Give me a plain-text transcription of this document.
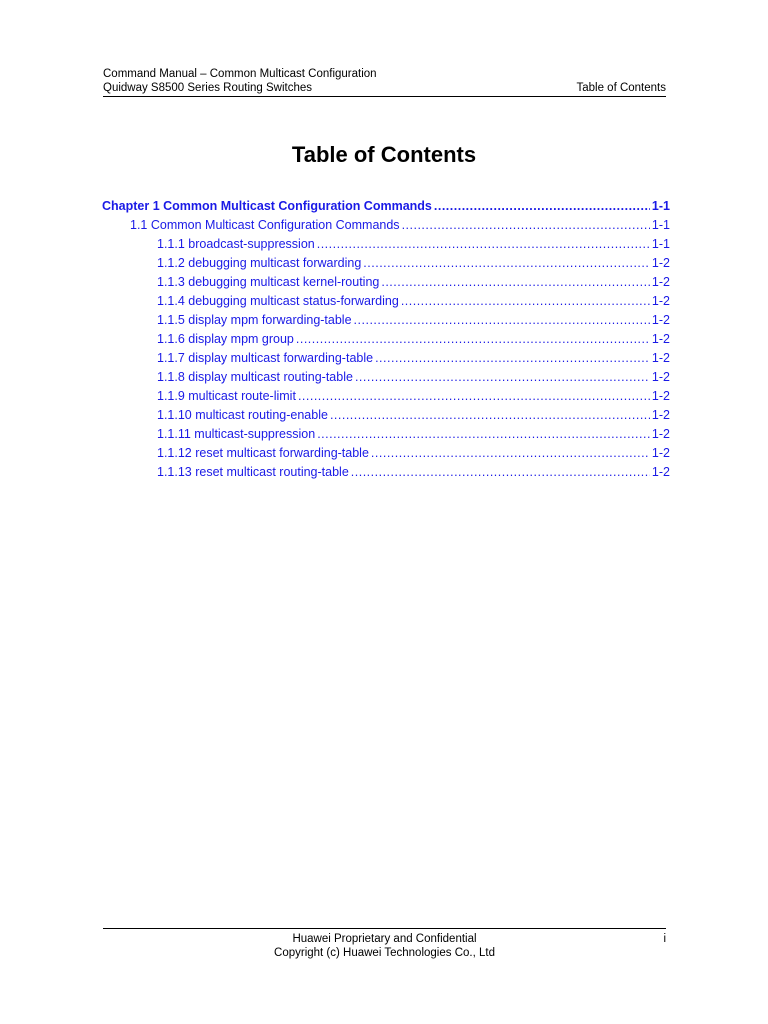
Command Manual – Common Multicast Configuration
Quidway S8500 Series Routing Switches	Table of Contents
Table of Contents
Chapter 1 Common Multicast Configuration Commands .....	1-1
1.1 Common Multicast Configuration Commands .....	1-1
1.1.1 broadcast-suppression .....	1-1
1.1.2 debugging multicast forwarding .....	1-2
1.1.3 debugging multicast kernel-routing .....	1-2
1.1.4 debugging multicast status-forwarding .....	1-2
1.1.5 display mpm forwarding-table .....	1-2
1.1.6 display mpm group .....	1-2
1.1.7 display multicast forwarding-table .....	1-2
1.1.8 display multicast routing-table .....	1-2
1.1.9 multicast route-limit .....	1-2
1.1.10 multicast routing-enable .....	1-2
1.1.11 multicast-suppression .....	1-2
1.1.12 reset multicast forwarding-table .....	1-2
1.1.13 reset multicast routing-table .....	1-2
Huawei Proprietary and Confidential	i
Copyright (c) Huawei Technologies Co., Ltd
